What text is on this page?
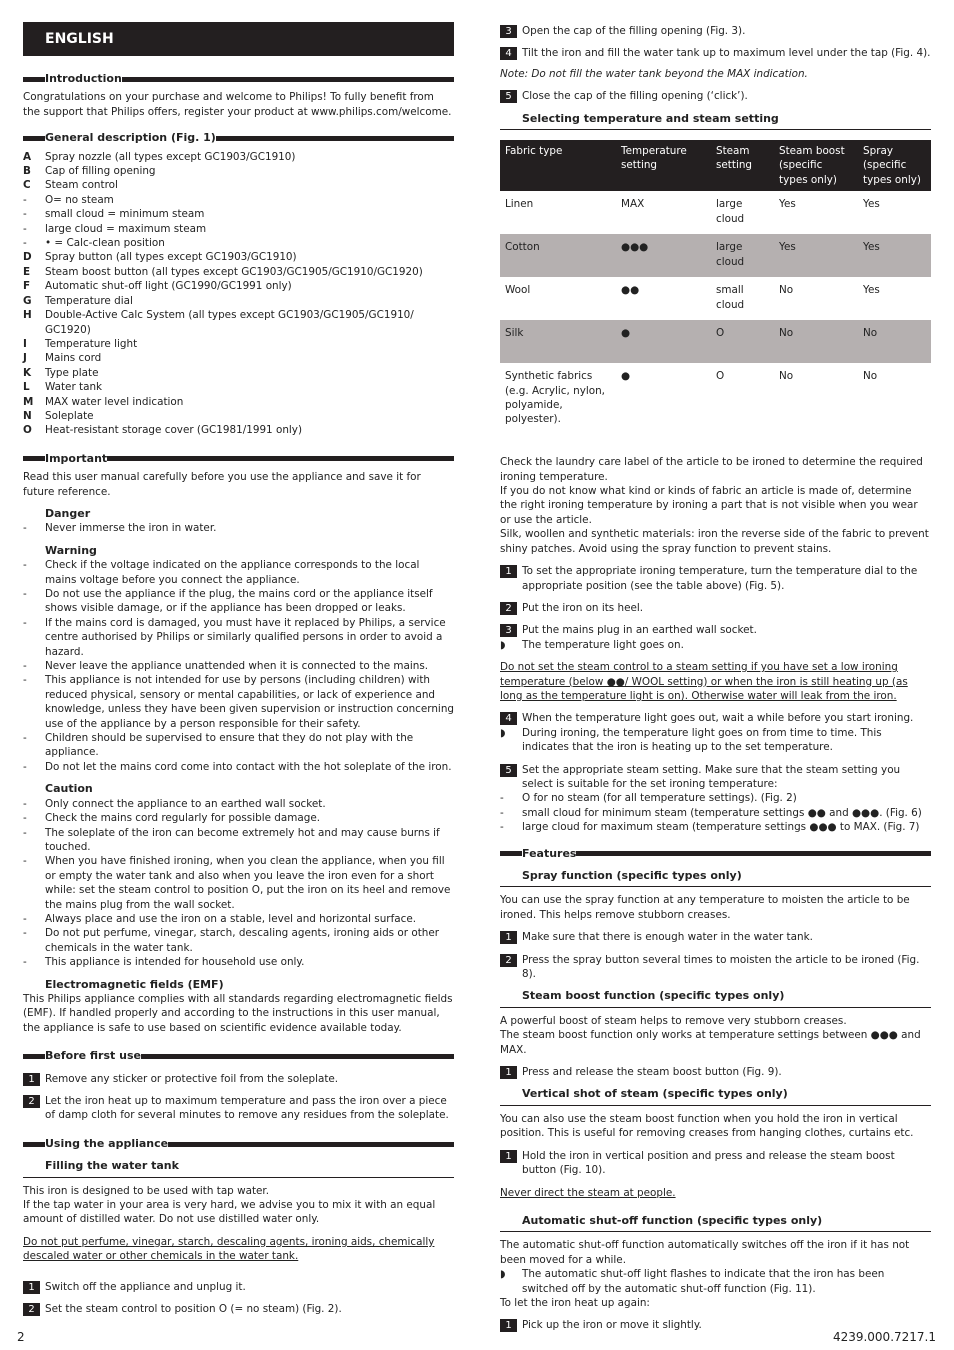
ENGLISH
Introduction

Congratulations on your purchase and welcome to Philips! To fully benefit from the support that Philips offers, register your product at www.philips.com/welcome.

General description (Fig. 1)
A	Spray nozzle (all types except GC1903/GC1910)
B	Cap of filling opening
C	Steam control
-	O= no steam
-	small cloud = minimum steam
-	large cloud = maximum steam
-	• = Calc-clean position
D	Spray button (all types except GC1903/GC1910)
E	Steam boost button (all types except GC1903/GC1905/GC1910/GC1920)
F	Automatic shut-off light (GC1990/GC1991 only)
G	Temperature dial
H	Double-Active Calc System (all types except GC1903/GC1905/GC1910/ GC1920)
I	Temperature light
J	Mains cord
K	Type plate
L	Water tank
M	MAX water level indication
N	Soleplate
O	Heat-resistant storage cover (GC1981/1991 only)
Important

Read this user manual carefully before you use the appliance and save it for future reference.

Danger
-	Never immerse the iron in water.
Warning
-	Check if the voltage indicated on the appliance corresponds to the local mains voltage before you connect the appliance.
-	Do not use the appliance if the plug, the mains cord or the appliance itself shows visible damage, or if the appliance has been dropped or leaks.
-	If the mains cord is damaged, you must have it replaced by Philips, a service centre authorised by Philips or similarly qualified persons in order to avoid a hazard.
-	Never leave the appliance unattended when it is connected to the mains.
-	This appliance is not intended for use by persons (including children) with reduced physical, sensory or mental capabilities, or lack of experience and knowledge, unless they have been given supervision or instruction concerning use of the appliance by a person responsible for their safety.
-	Children should be supervised to ensure that they do not play with the appliance.
-	Do not let the mains cord come into contact with the hot soleplate of the iron.
Caution
-	Only connect the appliance to an earthed wall socket.
-	Check the mains cord regularly for possible damage.
-	The soleplate of the iron can become extremely hot and may cause burns if touched.
-	When you have finished ironing, when you clean the appliance, when you fill or empty the water tank and also when you leave the iron even for a short while: set the steam control to position O, put the iron on its heel and remove the mains plug from the wall socket.
-	Always place and use the iron on a stable, level and horizontal surface.
-	Do not put perfume, vinegar, starch, descaling agents, ironing aids or other chemicals in the water tank.
-	This appliance is intended for household use only.
Electromagnetic fields (EMF)

This Philips appliance complies with all standards regarding electromagnetic fields (EMF). If handled properly and according to the instructions in this user manual, the appliance is safe to use based on scientific evidence available today.

Before first use
1 Remove any sticker or protective foil from the soleplate.
2 Let the iron heat up to maximum temperature and pass the iron over a piece of damp cloth for several minutes to remove any residues from the soleplate.
Using the appliance
Filling the water tank

This iron is designed to be used with tap water.

If the tap water in your area is very hard, we advise you to mix it with an equal amount of distilled water. Do not use distilled water only.

Do not put perfume, vinegar, starch, descaling agents, ironing aids, chemically descaled water or other chemicals in the water tank.

1 Switch off the appliance and unplug it.
2 Set the steam control to position O (= no steam) (Fig. 2).
3 Open the cap of the filling opening (Fig. 3).
4 Tilt the iron and fill the water tank up to maximum level under the tap (Fig. 4).

Note: Do not fill the water tank beyond the MAX indication.

5 Close the cap of the filling opening (‘click’).
Selecting temperature and steam setting
Fabric type	Temperature setting	Steam setting	Steam boost (specific types only)	Spray (specific types only)
Linen	MAX	large cloud	Yes	Yes
Cotton	●●●	large cloud	Yes	Yes
Wool	●●	small cloud	No	Yes
Silk	●	O	No	No
Synthetic fabrics (e.g. Acrylic, nylon, polyamide, polyester).	●	O	No	No

Check the laundry care label of the article to be ironed to determine the required ironing temperature.

If you do not know what kind or kinds of fabric an article is made of, determine the right ironing temperature by ironing a part that is not visible when you wear or use the article.

Silk, woollen and synthetic materials: iron the reverse side of the fabric to prevent shiny patches. Avoid using the spray function to prevent stains.

1 To set the appropriate ironing temperature, turn the temperature dial to the appropriate position (see the table above) (Fig. 5).
2 Put the iron on its heel.
3 Put the mains plug in an earthed wall socket.
◗	The temperature light goes on.

Do not set the steam control to a steam setting if you have set a low ironing temperature (below ●●/ WOOL setting) or when the iron is still heating up (as long as the temperature light is on). Otherwise water will leak from the iron.

4 When the temperature light goes out, wait a while before you start ironing.
◗	During ironing, the temperature light goes on from time to time. This indicates that the iron is heating up to the set temperature.
5 Set the appropriate steam setting. Make sure that the steam setting you select is suitable for the set ironing temperature:
-	O for no steam (for all temperature settings). (Fig. 2)
-	small cloud for minimum steam (temperature settings ●● and ●●●. (Fig. 6)
-	large cloud for maximum steam (temperature settings ●●● to MAX. (Fig. 7)
Features
Spray function (specific types only)

You can use the spray function at any temperature to moisten the article to be ironed. This helps remove stubborn creases.

1 Make sure that there is enough water in the water tank.
2 Press the spray button several times to moisten the article to be ironed (Fig. 8).
Steam boost function (specific types only)

A powerful boost of steam helps to remove very stubborn creases.

The steam boost function only works at temperature settings between ●●● and MAX.

1 Press and release the steam boost button (Fig. 9).
Vertical shot of steam (specific types only)

You can also use the steam boost function when you hold the iron in vertical position. This is useful for removing creases from hanging clothes, curtains etc.

1 Hold the iron in vertical position and press and release the steam boost button (Fig. 10).

Never direct the steam at people.

Automatic shut-off function (specific types only)

The automatic shut-off function automatically switches off the iron if it has not been moved for a while.

◗	The automatic shut-off light flashes to indicate that the iron has been switched off by the automatic shut-off function (Fig. 11).

To let the iron heat up again:

1 Pick up the iron or move it slightly.
2	4239.000.7217.1
